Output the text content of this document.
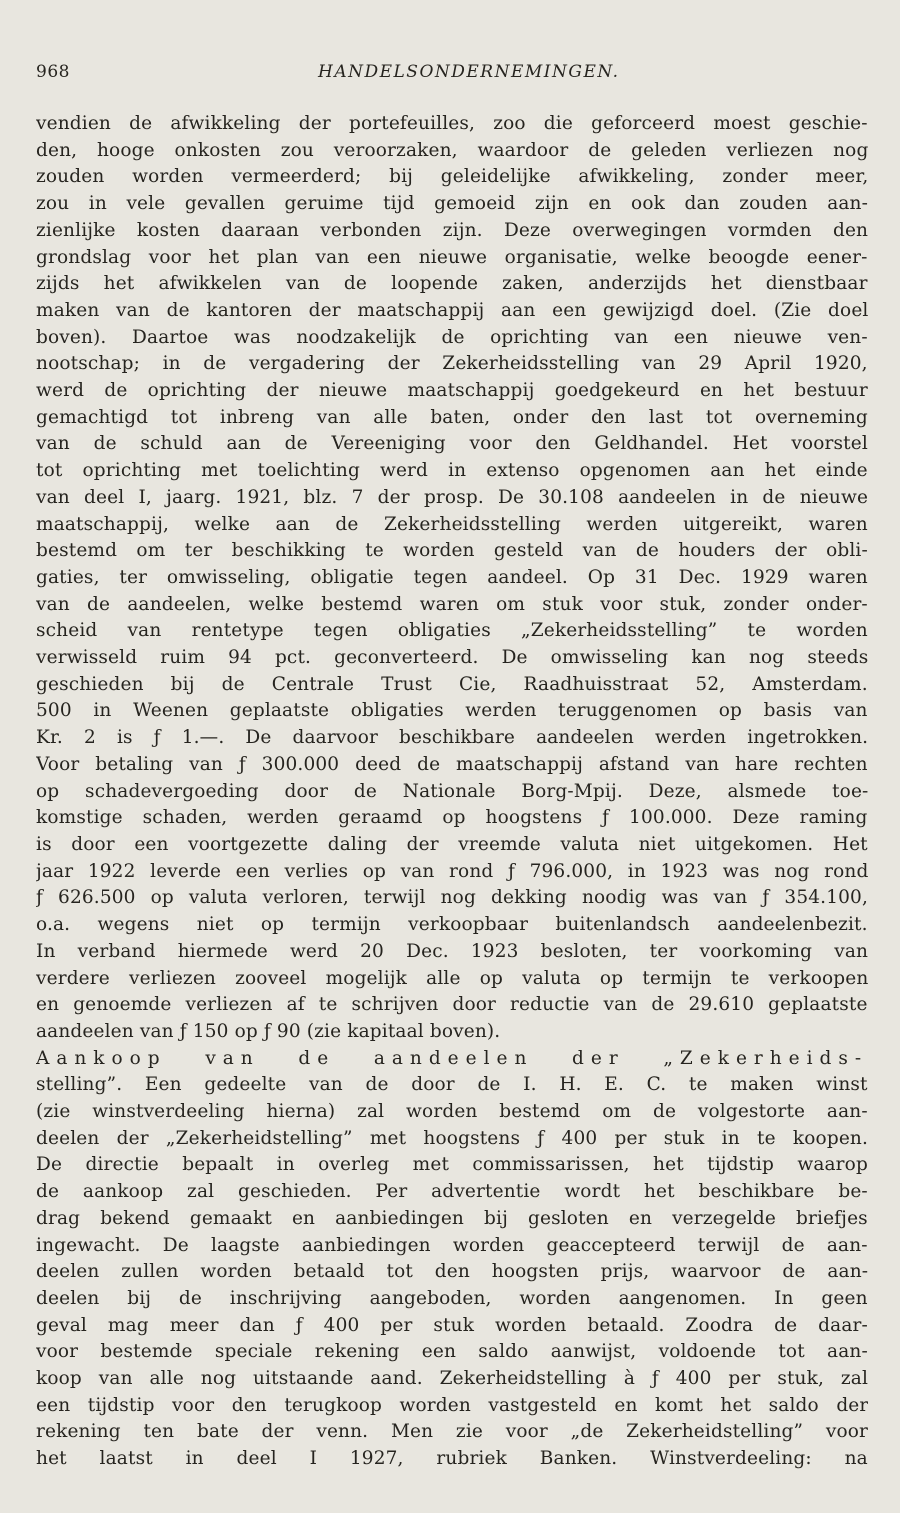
968	HANDELSONDERNEMINGEN.
vendien de afwikkeling der portefeuilles, zoo die geforceerd moest geschie-
den, hooge onkosten zou veroorzaken, waardoor de geleden verliezen nog
zouden worden vermeerderd; bij geleidelijke afwikkeling, zonder meer,
zou in vele gevallen geruime tijd gemoeid zijn en ook dan zouden aan-
zienlijke kosten daaraan verbonden zijn. Deze overwegingen vormden den
grondslag voor het plan van een nieuwe organisatie, welke beoogde eener-
zijds het afwikkelen van de loopende zaken, anderzijds het dienstbaar
maken van de kantoren der maatschappij aan een gewijzigd doel. (Zie doel
boven). Daartoe was noodzakelijk de oprichting van een nieuwe ven-
nootschap; in de vergadering der Zekerheidsstelling van 29 April 1920,
werd de oprichting der nieuwe maatschappij goedgekeurd en het bestuur
gemachtigd tot inbreng van alle baten, onder den last tot overneming
van de schuld aan de Vereeniging voor den Geldhandel. Het voorstel
tot oprichting met toelichting werd in extenso opgenomen aan het einde
van deel I, jaarg. 1921, blz. 7 der prosp. De 30.108 aandeelen in de nieuwe
maatschappij, welke aan de Zekerheidsstelling werden uitgereikt, waren
bestemd om ter beschikking te worden gesteld van de houders der obli-
gaties, ter omwisseling, obligatie tegen aandeel. Op 31 Dec. 1929 waren
van de aandeelen, welke bestemd waren om stuk voor stuk, zonder onder-
scheid van rentetype tegen obligaties „Zekerheidsstelling” te worden
verwisseld ruim 94 pct. geconverteerd. De omwisseling kan nog steeds
geschieden bij de Centrale Trust Cie, Raadhuisstraat 52, Amsterdam.
500 in Weenen geplaatste obligaties werden teruggenomen op basis van
Kr. 2 is ƒ 1.—. De daarvoor beschikbare aandeelen werden ingetrokken.
Voor betaling van ƒ 300.000 deed de maatschappij afstand van hare rechten
op schadevergoeding door de Nationale Borg-Mpij. Deze, alsmede toe-
komstige schaden, werden geraamd op hoogstens ƒ 100.000. Deze raming
is door een voortgezette daling der vreemde valuta niet uitgekomen. Het
jaar 1922 leverde een verlies op van rond ƒ 796.000, in 1923 was nog rond
ƒ 626.500 op valuta verloren, terwijl nog dekking noodig was van ƒ 354.100,
o.a. wegens niet op termijn verkoopbaar buitenlandsch aandeelenbezit.
In verband hiermede werd 20 Dec. 1923 besloten, ter voorkoming van
verdere verliezen zooveel mogelijk alle op valuta op termijn te verkoopen
en genoemde verliezen af te schrijven door reductie van de 29.610 geplaatste
aandeelen van ƒ 150 op ƒ 90 (zie kapitaal boven).
Aankoop van de aandeelen der „Zekerheids-
stelling”. Een gedeelte van de door de I. H. E. C. te maken winst
(zie winstverdeeling hierna) zal worden bestemd om de volgestorte aan-
deelen der „Zekerheidstelling” met hoogstens ƒ 400 per stuk in te koopen.
De directie bepaalt in overleg met commissarissen, het tijdstip waarop
de aankoop zal geschieden. Per advertentie wordt het beschikbare be-
drag bekend gemaakt en aanbiedingen bij gesloten en verzegelde briefjes
ingewacht. De laagste aanbiedingen worden geaccepteerd terwijl de aan-
deelen zullen worden betaald tot den hoogsten prijs, waarvoor de aan-
deelen bij de inschrijving aangeboden, worden aangenomen. In geen
geval mag meer dan ƒ 400 per stuk worden betaald. Zoodra de daar-
voor bestemde speciale rekening een saldo aanwijst, voldoende tot aan-
koop van alle nog uitstaande aand. Zekerheidstelling à ƒ 400 per stuk, zal
een tijdstip voor den terugkoop worden vastgesteld en komt het saldo der
rekening ten bate der venn. Men zie voor „de Zekerheidstelling” voor
het laatst in deel I 1927, rubriek Banken. Winstverdeeling: na
